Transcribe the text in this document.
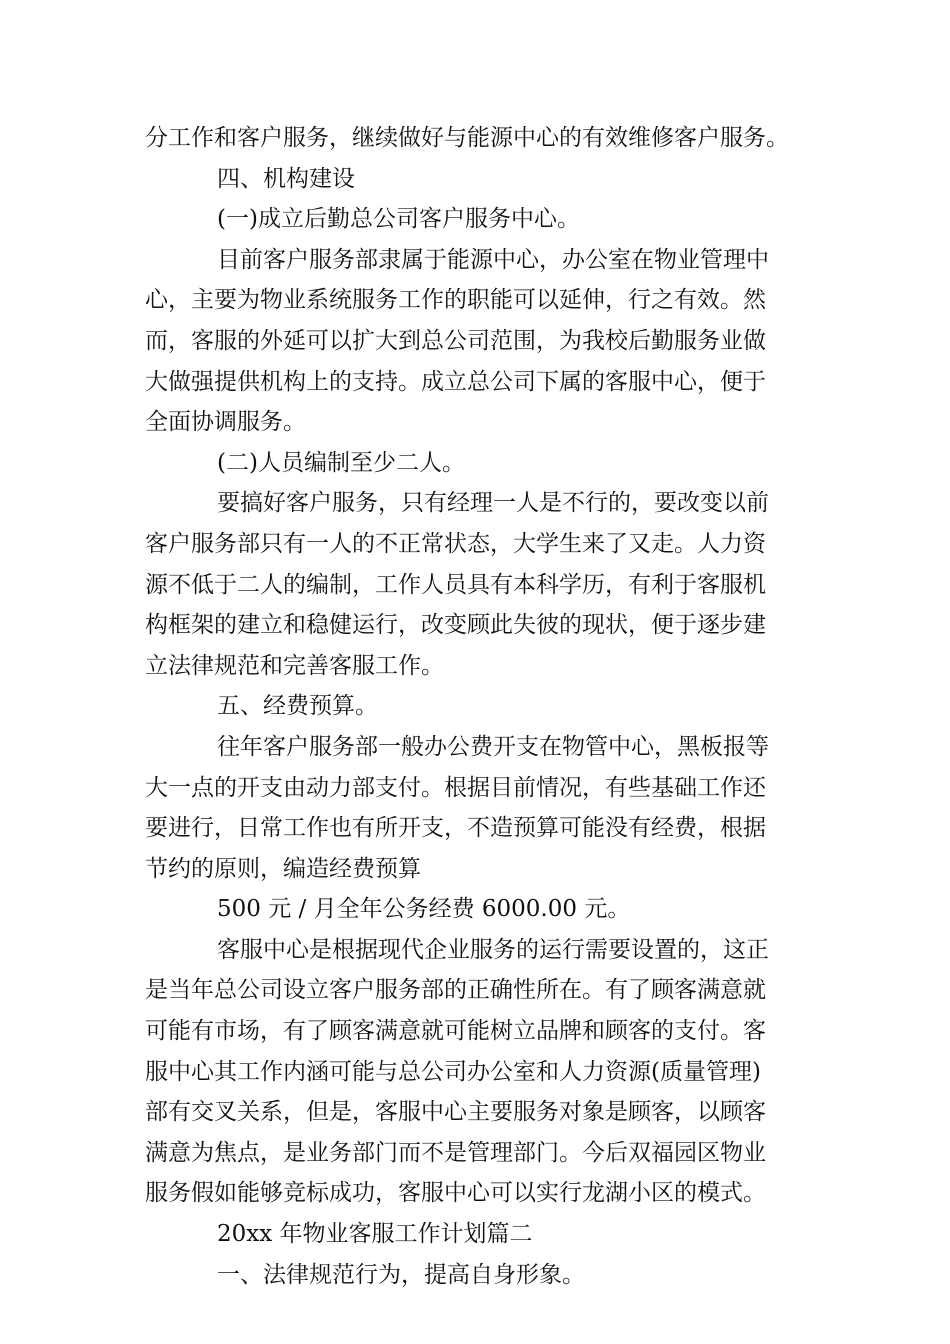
分工作和客户服务，继续做好与能源中心的有效维修客户服务。
四、机构建设
(一)成立后勤总公司客户服务中心。
目前客户服务部隶属于能源中心，办公室在物业管理中
心，主要为物业系统服务工作的职能可以延伸，行之有效。然
而，客服的外延可以扩大到总公司范围，为我校后勤服务业做
大做强提供机构上的支持。成立总公司下属的客服中心，便于
全面协调服务。
(二)人员编制至少二人。
要搞好客户服务，只有经理一人是不行的，要改变以前
客户服务部只有一人的不正常状态，大学生来了又走。人力资
源不低于二人的编制，工作人员具有本科学历，有利于客服机
构框架的建立和稳健运行，改变顾此失彼的现状，便于逐步建
立法律规范和完善客服工作。
五、经费预算。
往年客户服务部一般办公费开支在物管中心，黑板报等
大一点的开支由动力部支付。根据目前情况，有些基础工作还
要进行，日常工作也有所开支，不造预算可能没有经费，根据
节约的原则，编造经费预算
500 元 / 月全年公务经费 6000.00 元。
客服中心是根据现代企业服务的运行需要设置的，这正
是当年总公司设立客户服务部的正确性所在。有了顾客满意就
可能有市场，有了顾客满意就可能树立品牌和顾客的支付。客
服中心其工作内涵可能与总公司办公室和人力资源(质量管理)
部有交叉关系，但是，客服中心主要服务对象是顾客，以顾客
满意为焦点，是业务部门而不是管理部门。今后双福园区物业
服务假如能够竞标成功，客服中心可以实行龙湖小区的模式。
20xx 年物业客服工作计划篇二
一、法律规范行为，提高自身形象。
